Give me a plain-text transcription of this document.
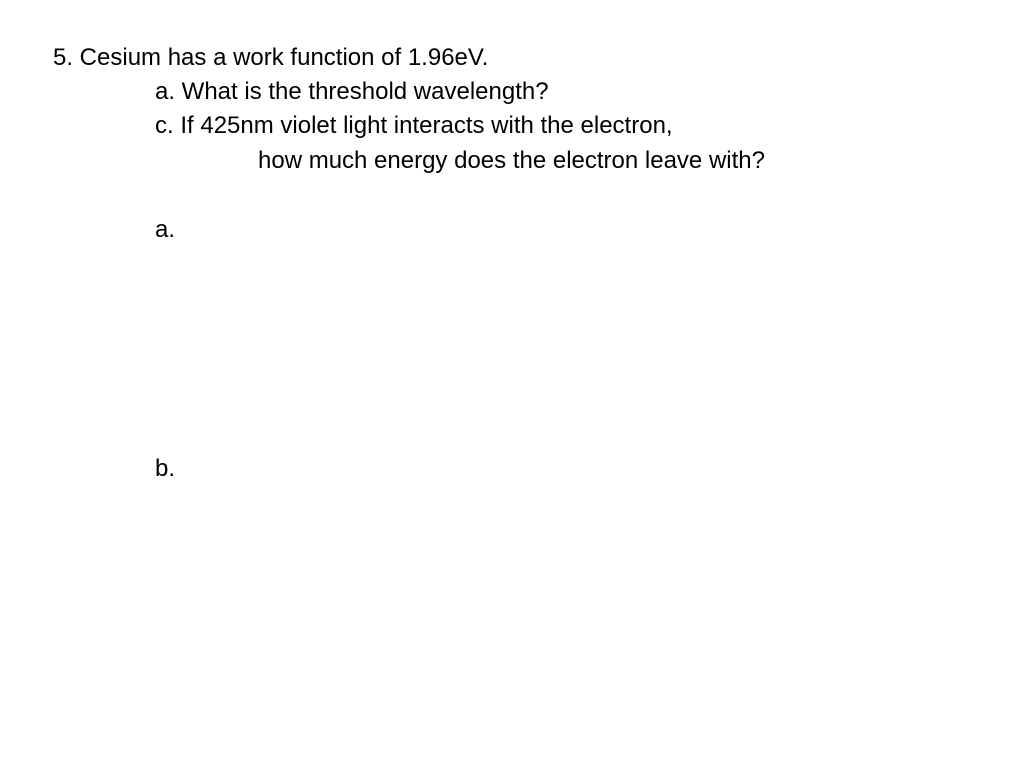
5. Cesium has a work function of 1.96eV.
a. What is the threshold wavelength?
c. If 425nm violet light interacts with the electron,
how much energy does the electron leave with?
a.
b.
